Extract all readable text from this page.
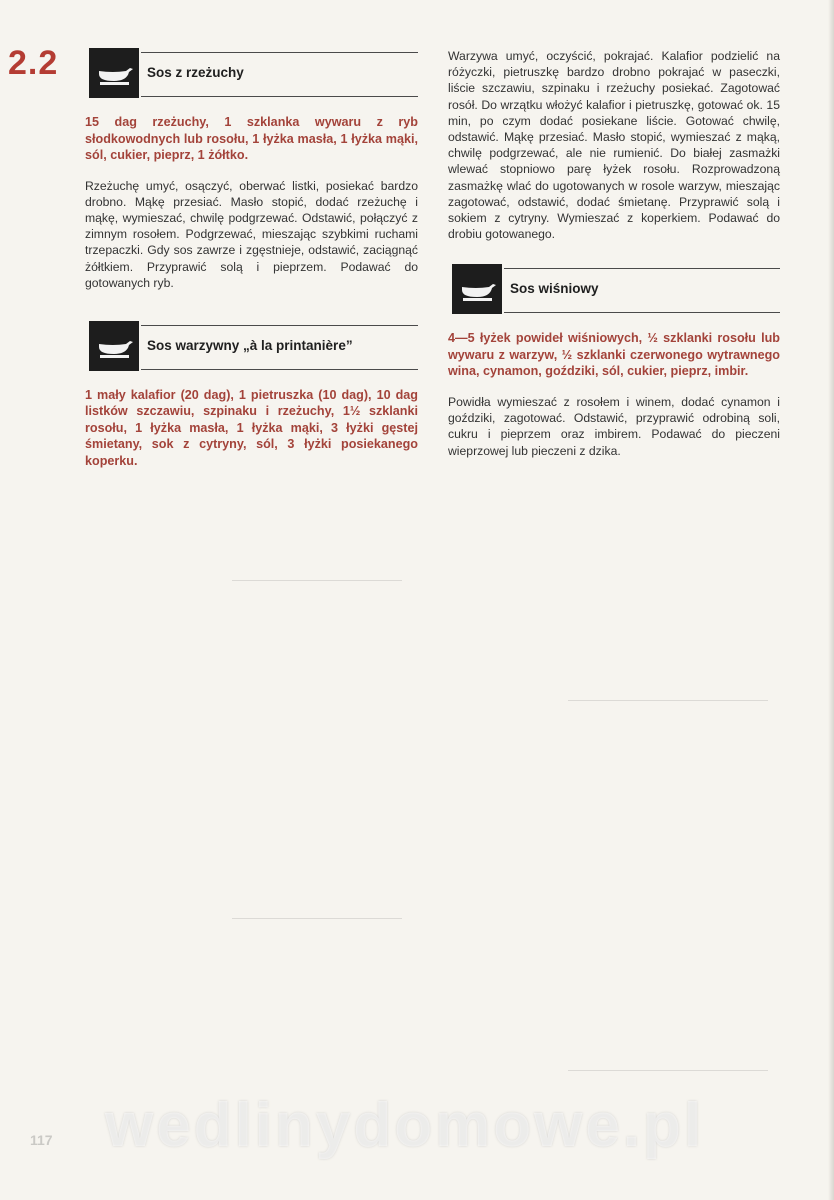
2.2	Sos z rzeżuchy

15 dag rzeżuchy, 1 szklanka wywaru z ryb słodkowodnych lub rosołu, 1 łyżka masła, 1 łyżka mąki, sól, cukier, pieprz, 1 żółtko.

Rzeżuchę umyć, osączyć, oberwać listki, posiekać bardzo drobno. Mąkę przesiać. Masło stopić, dodać rzeżuchę i mąkę, wymieszać, chwilę podgrzewać. Odstawić, połączyć z zimnym rosołem. Podgrzewać, mieszając szybkimi ruchami trzepaczki. Gdy sos zawrze i zgęstnieje, odstawić, zaciągnąć żółtkiem. Przyprawić solą i pieprzem. Podawać do gotowanych ryb.

Sos warzywny „à la printanière”

1 mały kalafior (20 dag), 1 pietruszka (10 dag), 10 dag listków szczawiu, szpinaku i rzeżuchy, 1½ szklanki rosołu, 1 łyżka masła, 1 łyżka mąki, 3 łyżki gęstej śmietany, sok z cytryny, sól, 3 łyżki posiekanego koperku.

Warzywa umyć, oczyścić, pokrajać. Kalafior podzielić na różyczki, pietruszkę bardzo drobno pokrajać w paseczki, liście szczawiu, szpinaku i rzeżuchy posiekać. Zagotować rosół. Do wrzątku włożyć kalafior i pietruszkę, gotować ok. 15 min, po czym dodać posiekane liście. Gotować chwilę, odstawić. Mąkę przesiać. Masło stopić, wymieszać z mąką, chwilę podgrzewać, ale nie rumienić. Do białej zasmażki wlewać stopniowo parę łyżek rosołu. Rozprowadzoną zasmażkę wlać do ugotowanych w rosole warzyw, mieszając zagotować, odstawić, dodać śmietanę. Przyprawić solą i sokiem z cytryny. Wymieszać z koperkiem. Podawać do drobiu gotowanego.

Sos wiśniowy

4—5 łyżek powideł wiśniowych, ½ szklanki rosołu lub wywaru z warzyw, ½ szklanki czerwonego wytrawnego wina, cynamon, goździki, sól, cukier, pieprz, imbir.

Powidła wymieszać z rosołem i winem, dodać cynamon i goździki, zagotować. Odstawić, przyprawić odrobiną soli, cukru i pieprzem oraz imbirem. Podawać do pieczeni wieprzowej lub pieczeni z dzika.

117 wedlinydomowe.pl
